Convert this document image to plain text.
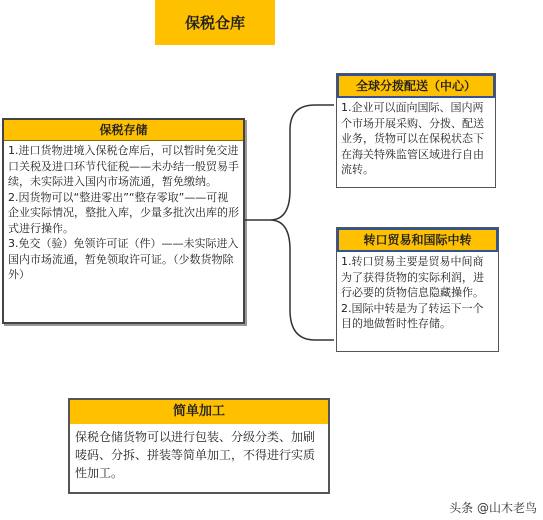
保税仓库
保税存储

1.进口货物进境入保税仓库后，可以暂时免交进口关税及进口环节代征税——未办结一般贸易手续，未实际进入国内市场流通，暂免缴纳。

2.因货物可以“整进零出”“整存零取”——可视企业实际情况，整批入库，少量多批次出库的形式进行操作。

3.免交（验）免领许可证（件）——未实际进入国内市场流通，暂免领取许可证。（少数货物除外）

全球分拨配送（中心）

1.企业可以面向国际、国内两个市场开展采购、分拨、配送业务，货物可以在保税状态下在海关特殊监管区域进行自由流转。

转口贸易和国际中转

1.转口贸易主要是贸易中间商为了获得货物的实际利润，进行必要的货物信息隐藏操作。

2.国际中转是为了转运下一个目的地做暂时性存储。

简单加工

保税仓储货物可以进行包装、分级分类、加刷唛码、分拆、拼装等简单加工，不得进行实质性加工。

头条 @山木老鸟
